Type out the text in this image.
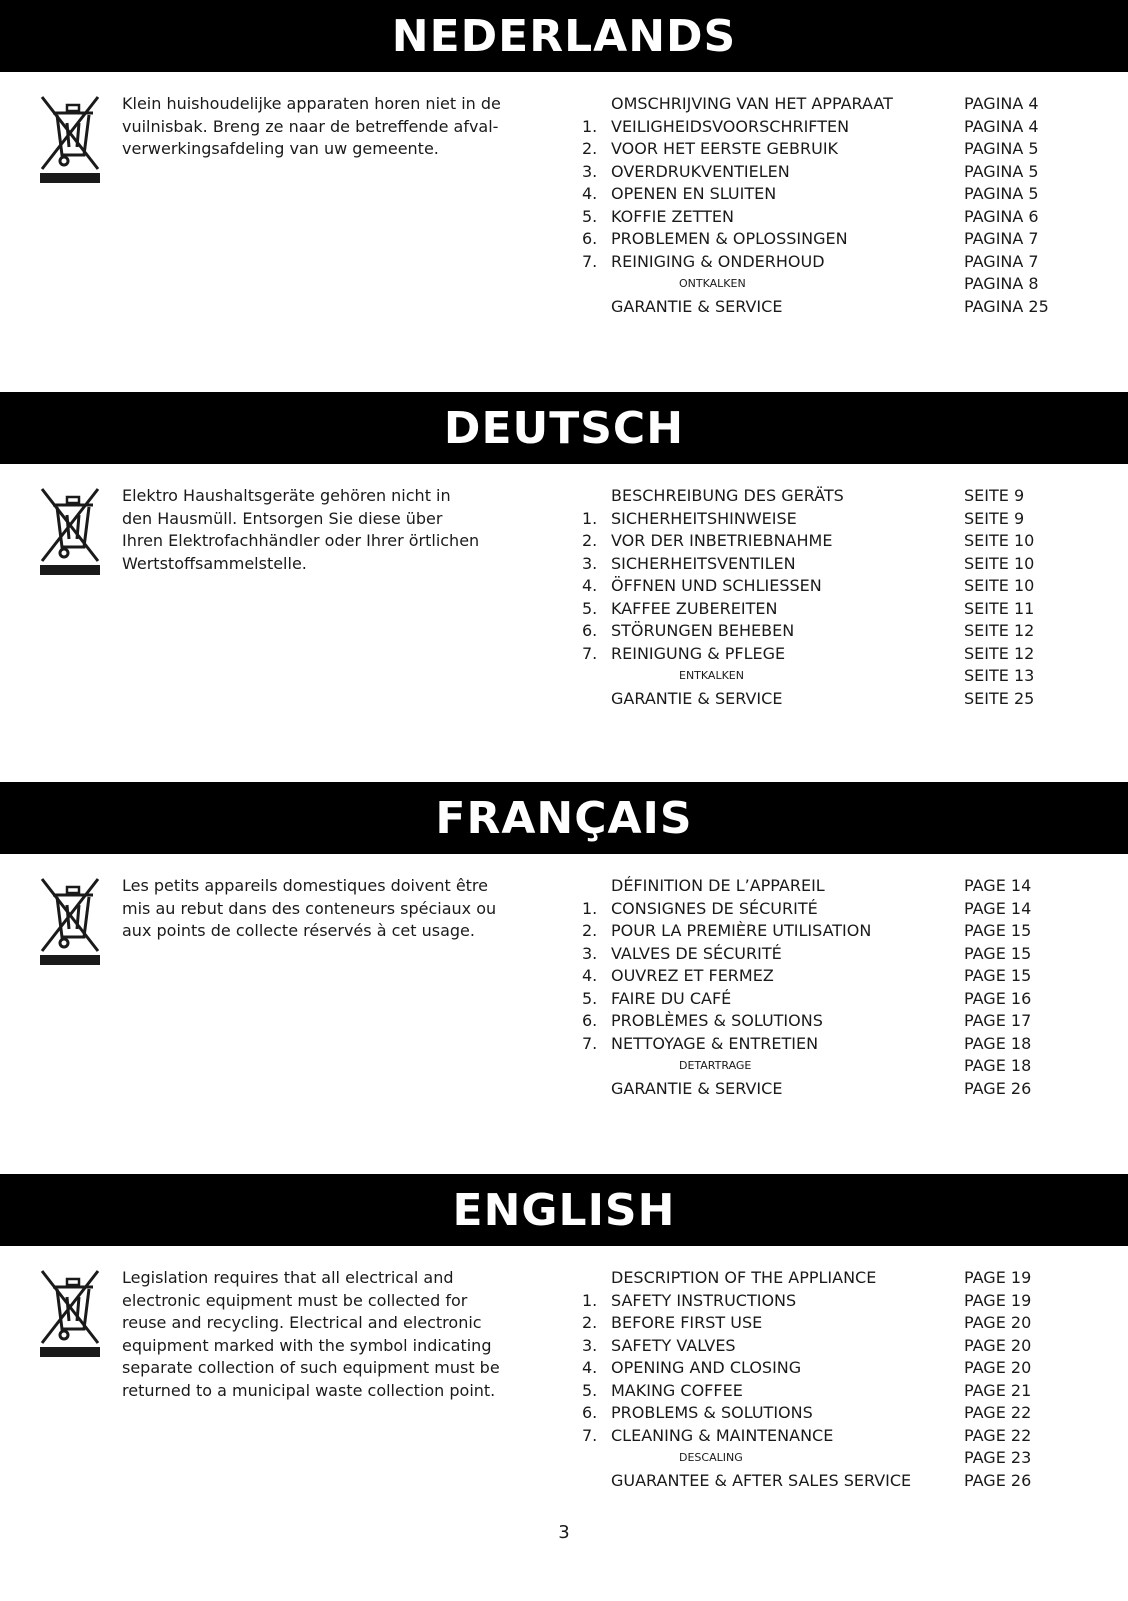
NEDERLANDS
Klein huishoudelijke apparaten horen niet in de
vuilnisbak. Breng ze naar de betreffende afval-
verwerkingsafdeling van uw gemeente.
OMSCHRIJVING VAN HET APPARAAT	PAGINA 4
1. VEILIGHEIDSVOORSCHRIFTEN	PAGINA 4
2. VOOR HET EERSTE GEBRUIK	PAGINA 5
3. OVERDRUKVENTIELEN	PAGINA 5
4. OPENEN EN SLUITEN	PAGINA 5
5. KOFFIE ZETTEN	PAGINA 6
6. PROBLEMEN & OPLOSSINGEN	PAGINA 7
7. REINIGING & ONDERHOUD	PAGINA 7
ONTKALKEN	PAGINA 8
GARANTIE & SERVICE	PAGINA 25
DEUTSCH
Elektro Haushaltsgeräte gehören nicht in
den Hausmüll. Entsorgen Sie diese über
Ihren Elektrofachhändler oder Ihrer örtlichen
Wertstoffsammelstelle.
BESCHREIBUNG DES GERÄTS	SEITE 9
1. SICHERHEITSHINWEISE	SEITE 9
2. VOR DER INBETRIEBNAHME	SEITE 10
3. SICHERHEITSVENTILEN	SEITE 10
4. ÖFFNEN UND SCHLIESSEN	SEITE 10
5. KAFFEE ZUBEREITEN	SEITE 11
6. STÖRUNGEN BEHEBEN	SEITE 12
7. REINIGUNG & PFLEGE	SEITE 12
ENTKALKEN	SEITE 13
GARANTIE & SERVICE	SEITE 25
FRANÇAIS
Les petits appareils domestiques doivent être
mis au rebut dans des conteneurs spéciaux ou
aux points de collecte réservés à cet usage.
DÉFINITION DE L’APPAREIL	PAGE 14
1. CONSIGNES DE SÉCURITÉ	PAGE 14
2. POUR LA PREMIÈRE UTILISATION	PAGE 15
3. VALVES DE SÉCURITÉ	PAGE 15
4. OUVREZ ET FERMEZ	PAGE 15
5. FAIRE DU CAFÉ	PAGE 16
6. PROBLÈMES & SOLUTIONS	PAGE 17
7. NETTOYAGE & ENTRETIEN	PAGE 18
DETARTRAGE	PAGE 18
GARANTIE & SERVICE	PAGE 26
ENGLISH
Legislation requires that all electrical and
electronic equipment must be collected for
reuse and recycling. Electrical and electronic
equipment marked with the symbol indicating
separate collection of such equipment must be
returned to a municipal waste collection point.
DESCRIPTION OF THE APPLIANCE	PAGE 19
1. SAFETY INSTRUCTIONS	PAGE 19
2. BEFORE FIRST USE	PAGE 20
3. SAFETY VALVES	PAGE 20
4. OPENING AND CLOSING	PAGE 20
5. MAKING COFFEE	PAGE 21
6. PROBLEMS & SOLUTIONS	PAGE 22
7. CLEANING & MAINTENANCE	PAGE 22
DESCALING	PAGE 23
GUARANTEE & AFTER SALES SERVICE	PAGE 26
3
